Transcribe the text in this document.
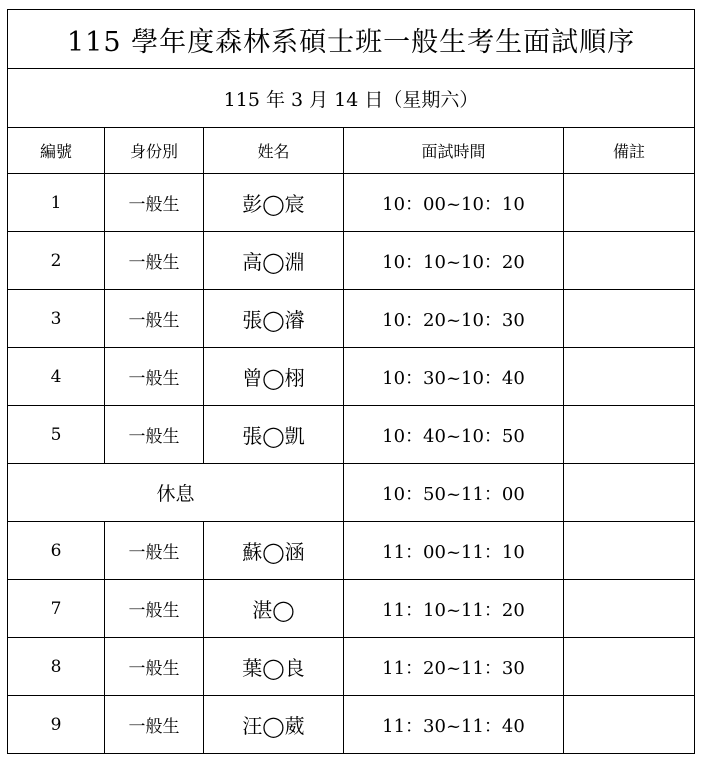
115 學年度森林系碩士班一般生考生面試順序				
115 年 3 月 14 日（星期六）				
編號	身份別	姓名	面試時間	備註
1	一般生	彭◯宸	10：00~10：10	
2	一般生	高◯淵	10：10~10：20	
3	一般生	張◯濬	10：20~10：30	
4	一般生	曾◯栩	10：30~10：40	
5	一般生	張◯凱	10：40~10：50	
休息			10：50~11：00	
6	一般生	蘇◯涵	11：00~11：10	
7	一般生	湛◯	11：10~11：20	
8	一般生	葉◯良	11：20~11：30	
9	一般生	汪◯葳	11：30~11：40	
